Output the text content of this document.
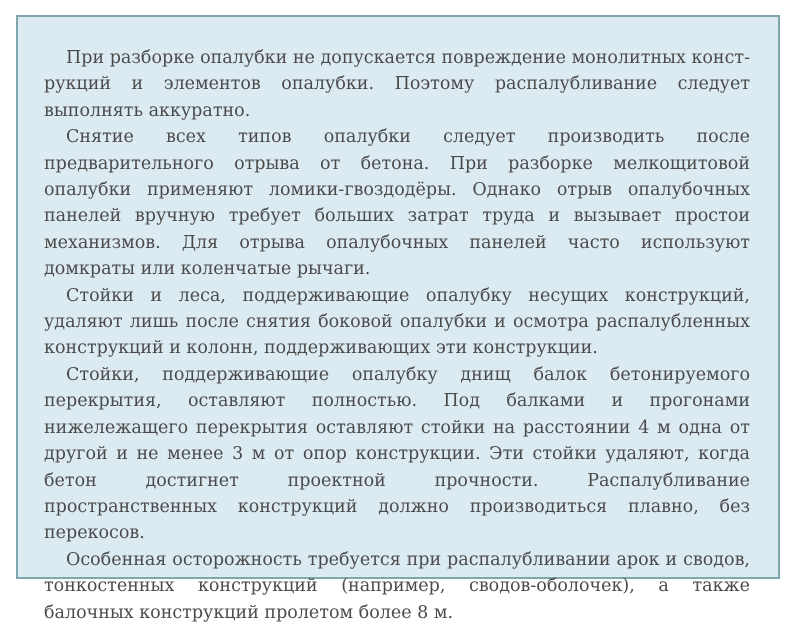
При разборке опалубки не допускается повреждение монолитных конструкций и элементов опалубки. Поэтому распалубливание следует выполнять аккуратно.

Снятие всех типов опалубки следует производить после предварительного отрыва от бетона. При разборке мелкощитовой опалубки применяют ломики-гвоздодёры. Однако отрыв опалубочных панелей вручную требует больших затрат труда и вызывает простои механизмов. Для отрыва опалубочных панелей часто используют домкраты или коленчатые рычаги.

Стойки и леса, поддерживающие опалубку несущих конструкций, удаляют лишь после снятия боковой опалубки и осмотра распалубленных конструкций и колонн, поддерживающих эти конструкции.

Стойки, поддерживающие опалубку днищ балок бетонируемого перекрытия, оставляют полностью. Под балками и прогонами нижележащего перекрытия оставляют стойки на расстоянии 4 м одна от другой и не менее 3 м от опор конструкции. Эти стойки удаляют, когда бетон достигнет проектной прочности. Распалубливание пространственных конструкций должно производиться плавно, без перекосов.

Особенная осторожность требуется при распалубливании арок и сводов, тонкостенных конструкций (например, сводов-оболочек), а также балочных конструкций пролетом более 8 м.
